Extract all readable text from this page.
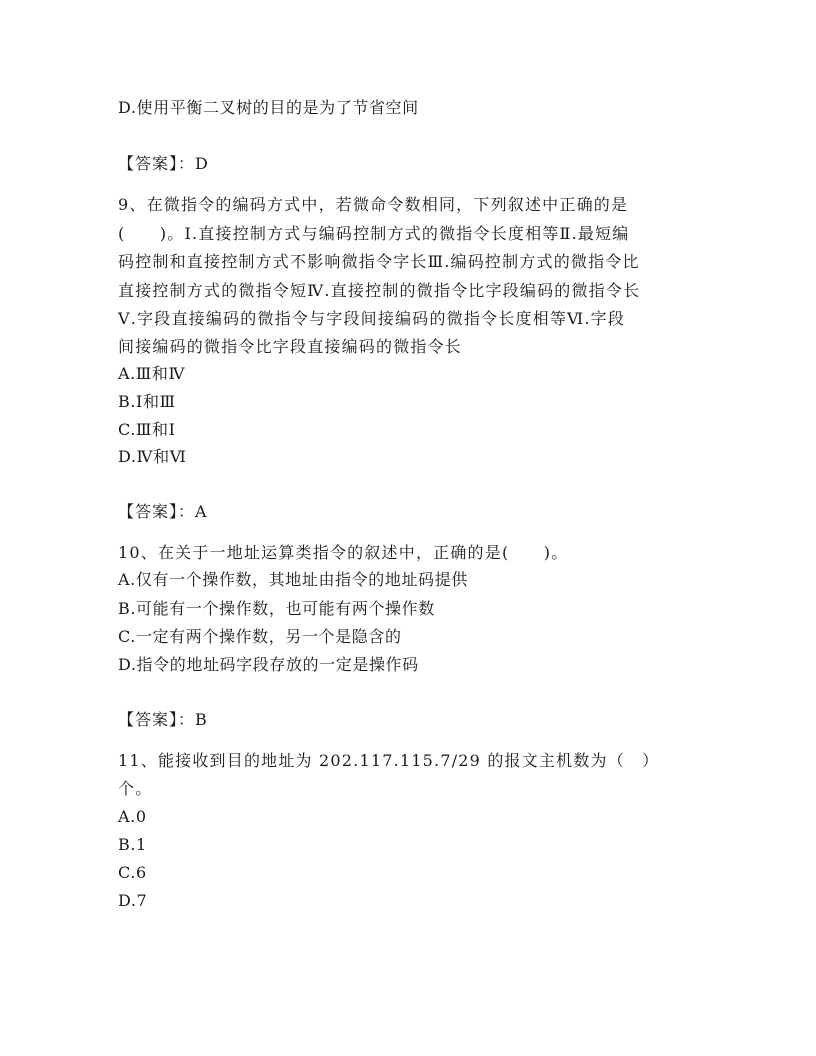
D.使用平衡二叉树的目的是为了节省空间
【答案】：D
9、在微指令的编码方式中，若微命令数相同，下列叙述中正确的是
(　　)。Ⅰ.直接控制方式与编码控制方式的微指令长度相等Ⅱ.最短编
码控制和直接控制方式不影响微指令字长Ⅲ.编码控制方式的微指令比
直接控制方式的微指令短Ⅳ.直接控制的微指令比字段编码的微指令长
Ⅴ.字段直接编码的微指令与字段间接编码的微指令长度相等Ⅵ.字段
间接编码的微指令比字段直接编码的微指令长
A.Ⅲ和Ⅳ
B.Ⅰ和Ⅲ
C.Ⅲ和Ⅰ
D.Ⅳ和Ⅵ
【答案】：A
10、在关于一地址运算类指令的叙述中，正确的是(　　)。
A.仅有一个操作数，其地址由指令的地址码提供
B.可能有一个操作数，也可能有两个操作数
C.一定有两个操作数，另一个是隐含的
D.指令的地址码字段存放的一定是操作码
【答案】：B
11、能接收到目的地址为 202.117.115.7/29 的报文主机数为（　）
个。
A.0
B.1
C.6
D.7
